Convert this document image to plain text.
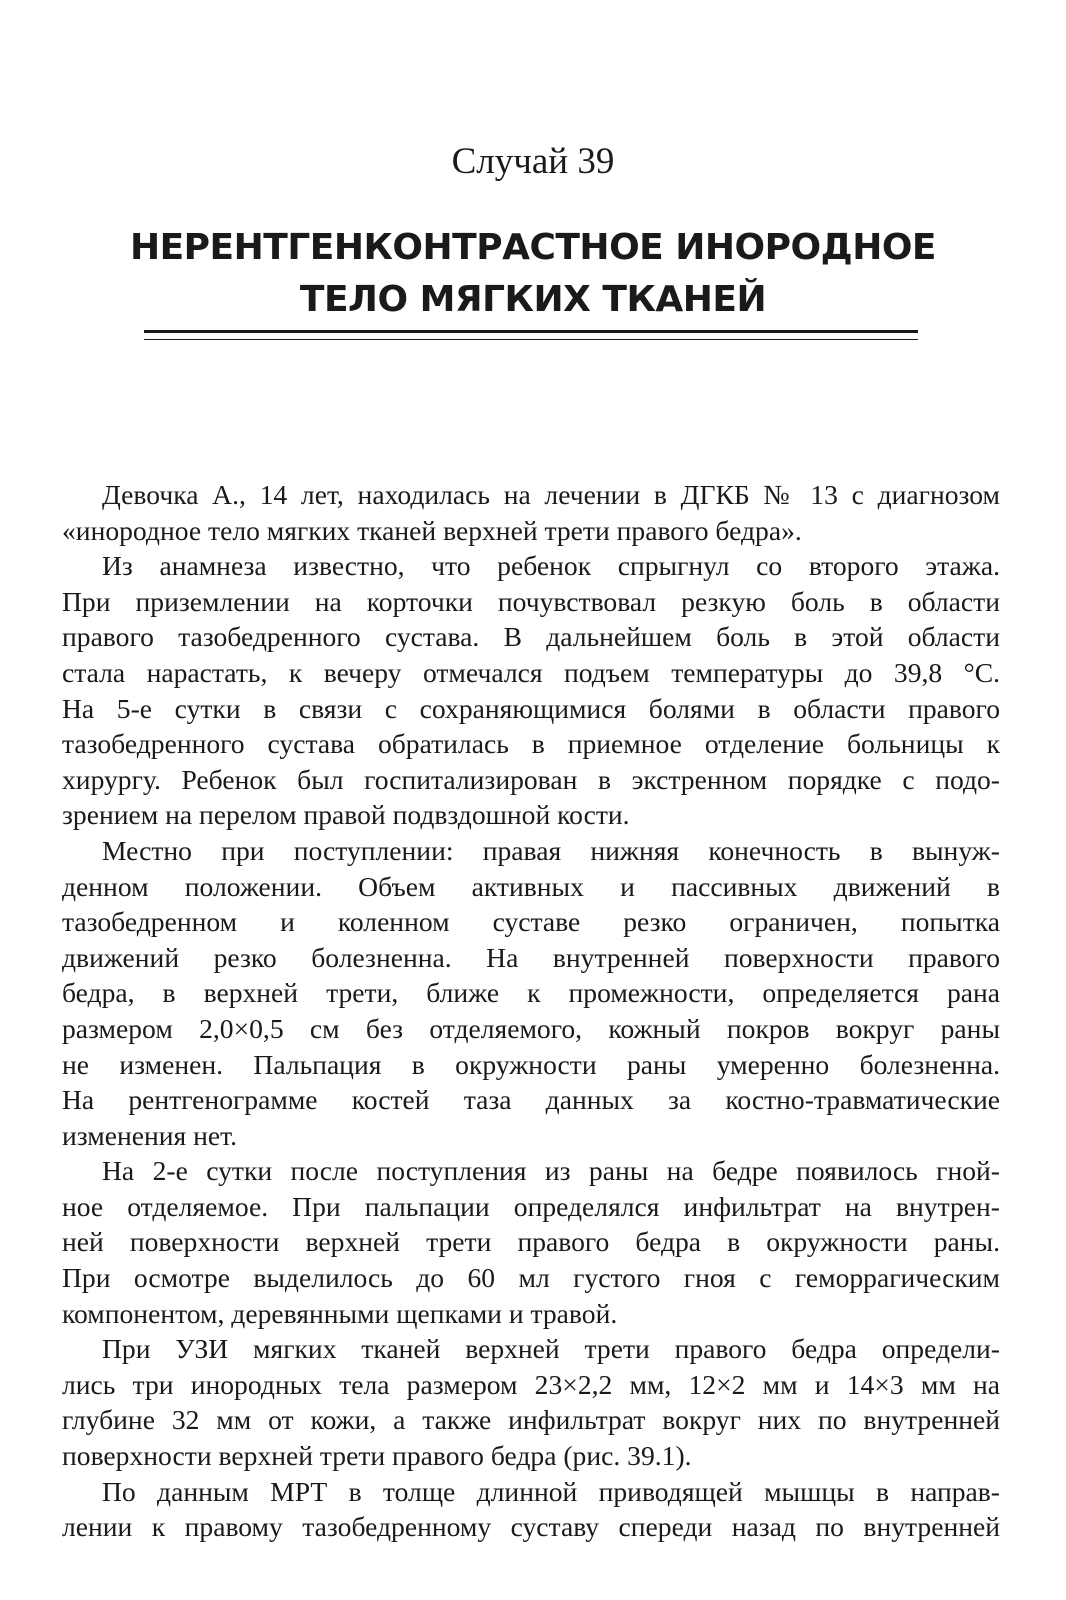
Случай 39
НЕРЕНТГЕНКОНТРАСТНОЕ ИНОРОДНОЕ
ТЕЛО МЯГКИХ ТКАНЕЙ
Девочка А., 14 лет, находилась на лечении в ДГКБ № 13 с диагнозом
«инородное тело мягких тканей верхней трети правого бедра».
Из анамнеза известно, что ребенок спрыгнул со второго этажа.
При приземлении на корточки почувствовал резкую боль в области
правого тазобедренного сустава. В дальнейшем боль в этой области
стала нарастать, к вечеру отмечался подъем температуры до 39,8 °С.
На 5-е сутки в связи с сохраняющимися болями в области правого
тазобедренного сустава обратилась в приемное отделение больницы к
хирургу. Ребенок был госпитализирован в экстренном порядке с подо-
зрением на перелом правой подвздошной кости.
Местно при поступлении: правая нижняя конечность в вынуж-
денном положении. Объем активных и пассивных движений в
тазобедренном и коленном суставе резко ограничен, попытка
движений резко болезненна. На внутренней поверхности правого
бедра, в верхней трети, ближе к промежности, определяется рана
размером 2,0×0,5 см без отделяемого, кожный покров вокруг раны
не изменен. Пальпация в окружности раны умеренно болезненна.
На рентгенограмме костей таза данных за костно-травматические
изменения нет.
На 2-е сутки после поступления из раны на бедре появилось гной-
ное отделяемое. При пальпации определялся инфильтрат на внутрен-
ней поверхности верхней трети правого бедра в окружности раны.
При осмотре выделилось до 60 мл густого гноя с геморрагическим
компонентом, деревянными щепками и травой.
При УЗИ мягких тканей верхней трети правого бедра определи-
лись три инородных тела размером 23×2,2 мм, 12×2 мм и 14×3 мм на
глубине 32 мм от кожи, а также инфильтрат вокруг них по внутренней
поверхности верхней трети правого бедра (рис. 39.1).
По данным МРТ в толще длинной приводящей мышцы в направ-
лении к правому тазобедренному суставу спереди назад по внутренней
